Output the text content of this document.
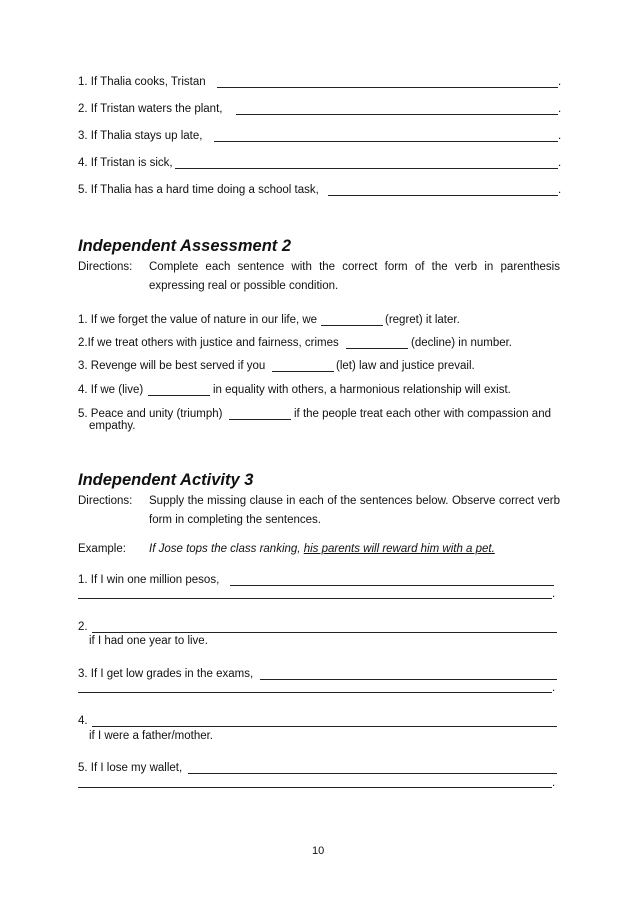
1. If Thalia cooks, Tristan	.
2. If Tristan waters the plant,	.
3. If Thalia stays up late,	.
4. If Tristan is sick,	.
5. If Thalia has a hard time doing a school task,	.
Independent Assessment 2
Directions: Complete each sentence with the correct form of the verb in parenthesis expressing real or possible condition.
1. If we forget the value of nature in our life, we	(regret) it later.
2.If we treat others with justice and fairness, crimes	(decline) in number.
3. Revenge will be best served if you	(let) law and justice prevail.
4. If we (live)	in equality with others, a harmonious relationship will exist.
5. Peace and unity (triumph)	if the people treat each other with compassion and
empathy.
Independent Activity 3
Directions: Supply the missing clause in each of the sentences below. Observe correct verb form in completing the sentences.
Example: If Jose tops the class ranking, his parents will reward him with a pet.
1. If I win one million pesos,
.
2.
if I had one year to live.
3. If I get low grades in the exams,
.
4.
if I were a father/mother.
5. If I lose my wallet,
.
10
